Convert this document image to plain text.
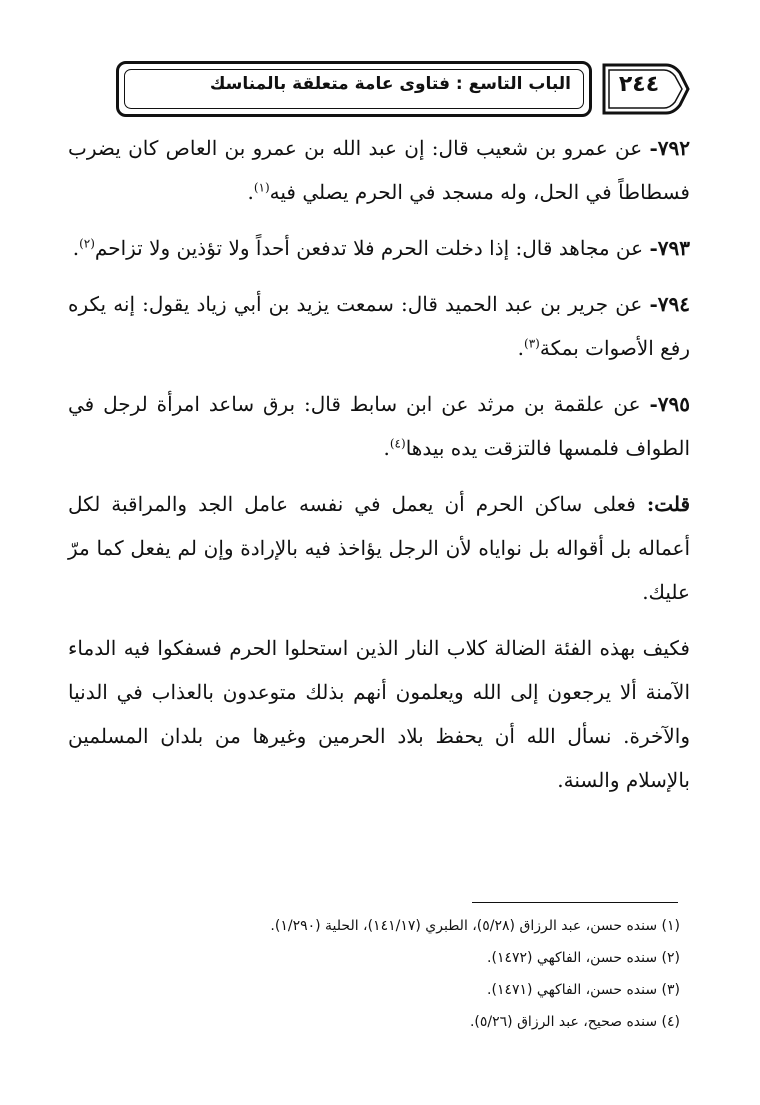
الباب التاسع : فتاوى عامة متعلقة بالمناسك	٢٤٤

٧٩٢- عن عمرو بن شعيب قال: إن عبد الله بن عمرو بن العاص كان يضرب فسطاطاً في الحل، وله مسجد في الحرم يصلي فيه$^{(١)}$.

٧٩٣- عن مجاهد قال: إذا دخلت الحرم فلا تدفعن أحداً ولا تؤذين ولا تزاحم$^{(٢)}$.

٧٩٤- عن جرير بن عبد الحميد قال: سمعت يزيد بن أبي زياد يقول: إنه يكره رفع الأصوات بمكة$^{(٣)}$.

٧٩٥- عن علقمة بن مرثد عن ابن سابط قال: برق ساعد امرأة لرجل في الطواف فلمسها فالتزقت يده بيدها$^{(٤)}$.

قلت: فعلى ساكن الحرم أن يعمل في نفسه عامل الجد والمراقبة لكل أعماله بل أقواله بل نواياه لأن الرجل يؤاخذ فيه بالإرادة وإن لم يفعل كما مرّ عليك.

فكيف بهذه الفئة الضالة كلاب النار الذين استحلوا الحرم فسفكوا فيه الدماء الآمنة ألا يرجعون إلى الله ويعلمون أنهم بذلك متوعدون بالعذاب في الدنيا والآخرة. نسأل الله أن يحفظ بلاد الحرمين وغيرها من بلدان المسلمين بالإسلام والسنة.

(١) سنده حسن، عبد الرزاق (٥/٢٨)، الطبري (١٤١/١٧)، الحلية (١/٢٩٠).
(٢) سنده حسن، الفاكهي (١٤٧٢).
(٣) سنده حسن، الفاكهي (١٤٧١).
(٤) سنده صحيح، عبد الرزاق (٥/٢٦).
